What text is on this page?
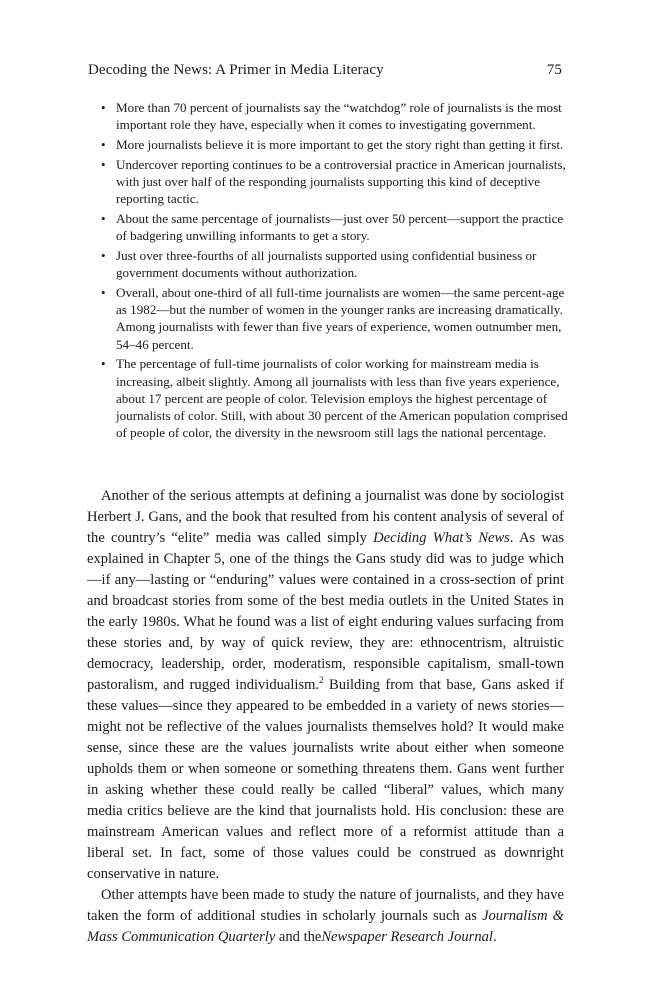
Decoding the News: A Primer in Media Literacy	75
• More than 70 percent of journalists say the “watchdog” role of journalists is the most important role they have, especially when it comes to investigating government.
• More journalists believe it is more important to get the story right than getting it first.
• Undercover reporting continues to be a controversial practice in American journalists, with just over half of the responding journalists supporting this kind of deceptive reporting tactic.
• About the same percentage of journalists—just over 50 percent—support the practice of badgering unwilling informants to get a story.
• Just over three-fourths of all journalists supported using confidential business or government documents without authorization.
• Overall, about one-third of all full-time journalists are women—the same percent-age as 1982—but the number of women in the younger ranks are increasing dramatically. Among journalists with fewer than five years of experience, women outnumber men, 54–46 percent.
• The percentage of full-time journalists of color working for mainstream media is increasing, albeit slightly. Among all journalists with less than five years experience, about 17 percent are people of color. Television employs the highest percentage of journalists of color. Still, with about 30 percent of the American population comprised of people of color, the diversity in the newsroom still lags the national percentage.

Another of the serious attempts at defining a journalist was done by sociologist Herbert J. Gans, and the book that resulted from his content analysis of several of the country’s “elite” media was called simply Deciding What’s News. As was explained in Chapter 5, one of the things the Gans study did was to judge which—if any—lasting or “enduring” values were contained in a cross-section of print and broadcast stories from some of the best media outlets in the United States in the early 1980s. What he found was a list of eight enduring values surfacing from these stories and, by way of quick review, they are: ethnocentrism, altruistic democracy, leadership, order, moderatism, responsible capitalism, small-town pastoralism, and rugged individualism.$^2$ Building from that base, Gans asked if these values—since they appeared to be embedded in a variety of news stories—might not be reflective of the values journalists themselves hold? It would make sense, since these are the values journalists write about either when someone upholds them or when someone or something threatens them. Gans went further in asking whether these could really be called “liberal” values, which many media critics believe are the kind that journalists hold. His conclusion: these are mainstream American values and reflect more of a reformist attitude than a liberal set. In fact, some of those values could be construed as downright conservative in nature.

Other attempts have been made to study the nature of journalists, and they have taken the form of additional studies in scholarly journals such as Journalism & Mass Communication Quarterly and theNewspaper Research Journal.
